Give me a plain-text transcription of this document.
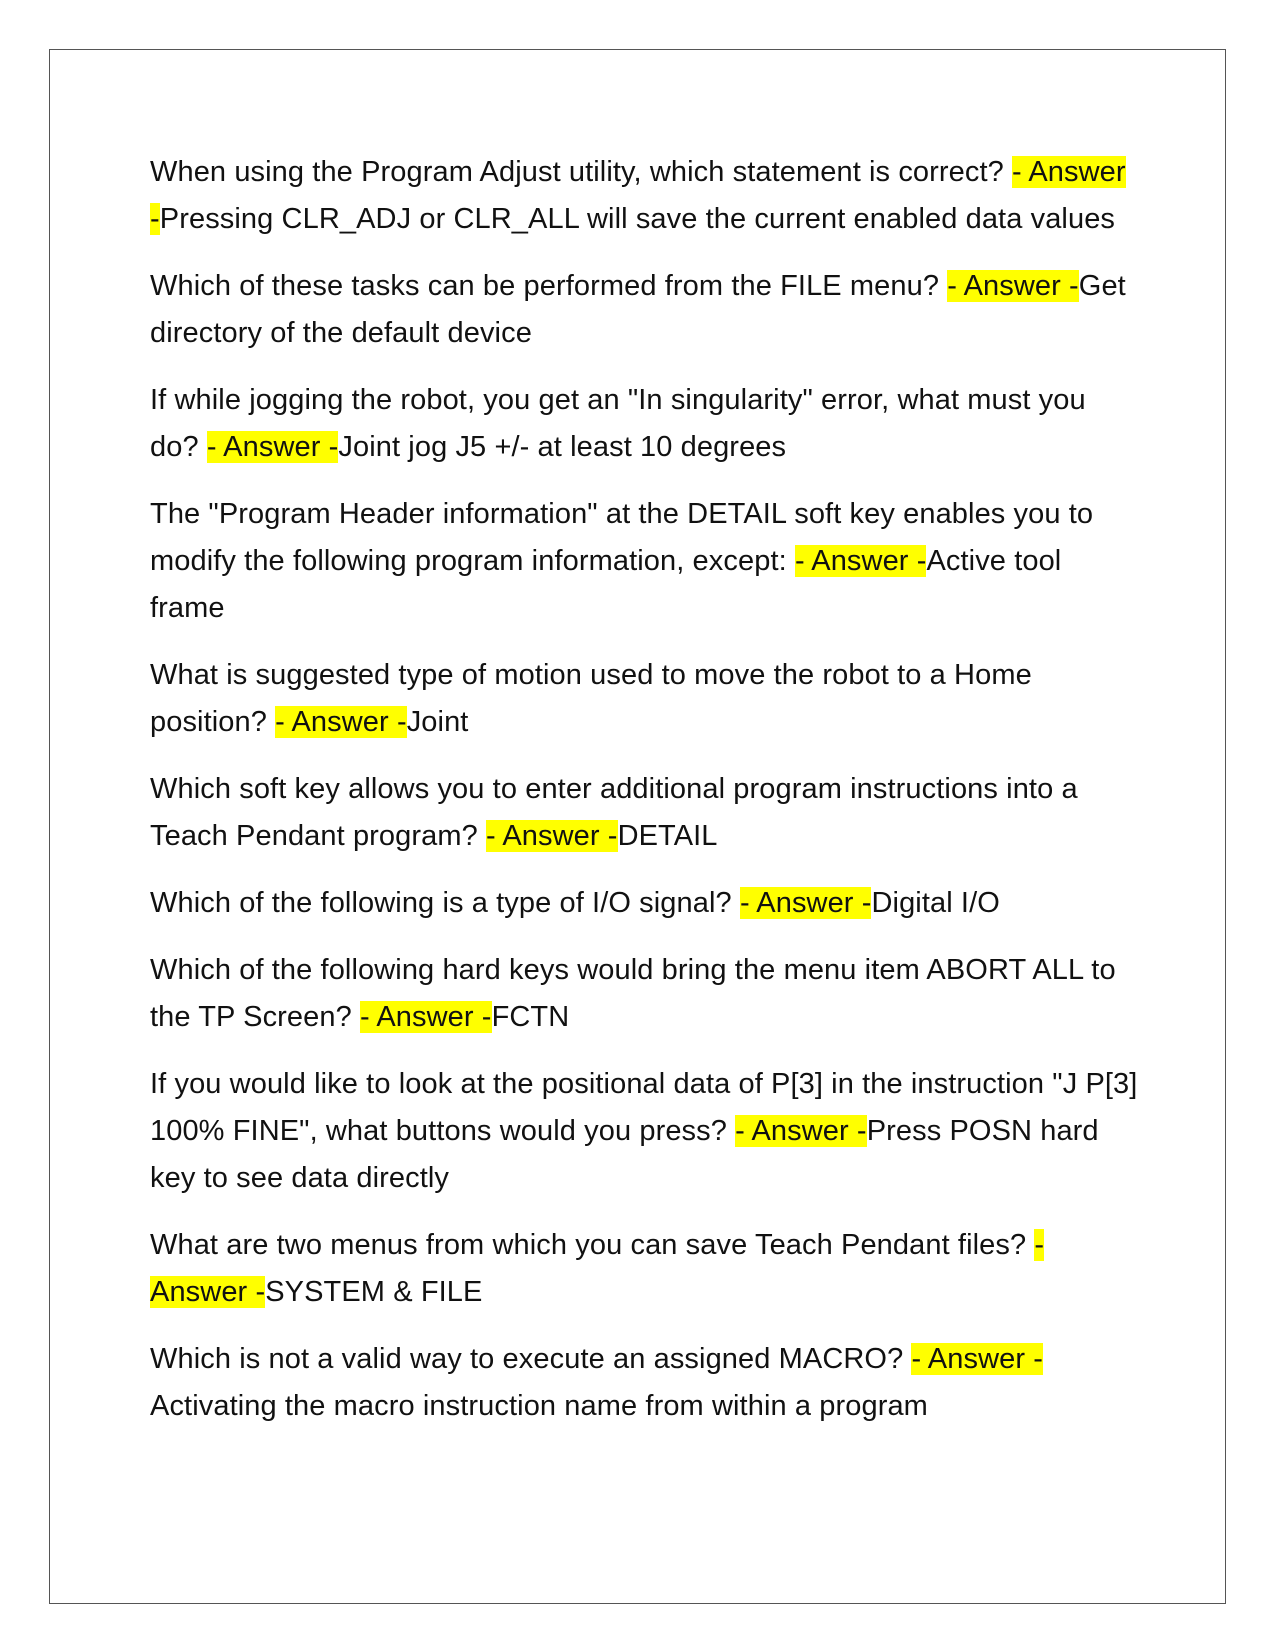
When using the Program Adjust utility, which statement is correct? - Answer -Pressing CLR_ADJ or CLR_ALL will save the current enabled data values

Which of these tasks can be performed from the FILE menu? - Answer -Get directory of the default device

If while jogging the robot, you get an "In singularity" error, what must you do? - Answer -Joint jog J5 +/- at least 10 degrees

The "Program Header information" at the DETAIL soft key enables you to modify the following program information, except: - Answer -Active tool frame

What is suggested type of motion used to move the robot to a Home position? - Answer -Joint

Which soft key allows you to enter additional program instructions into a Teach Pendant program? - Answer -DETAIL

Which of the following is a type of I/O signal? - Answer -Digital I/O

Which of the following hard keys would bring the menu item ABORT ALL to the TP Screen? - Answer -FCTN

If you would like to look at the positional data of P[3] in the instruction "J P[3] 100% FINE", what buttons would you press? - Answer -Press POSN hard key to see data directly

What are two menus from which you can save Teach Pendant files? - Answer -SYSTEM & FILE

Which is not a valid way to execute an assigned MACRO? - Answer -Activating the macro instruction name from within a program
